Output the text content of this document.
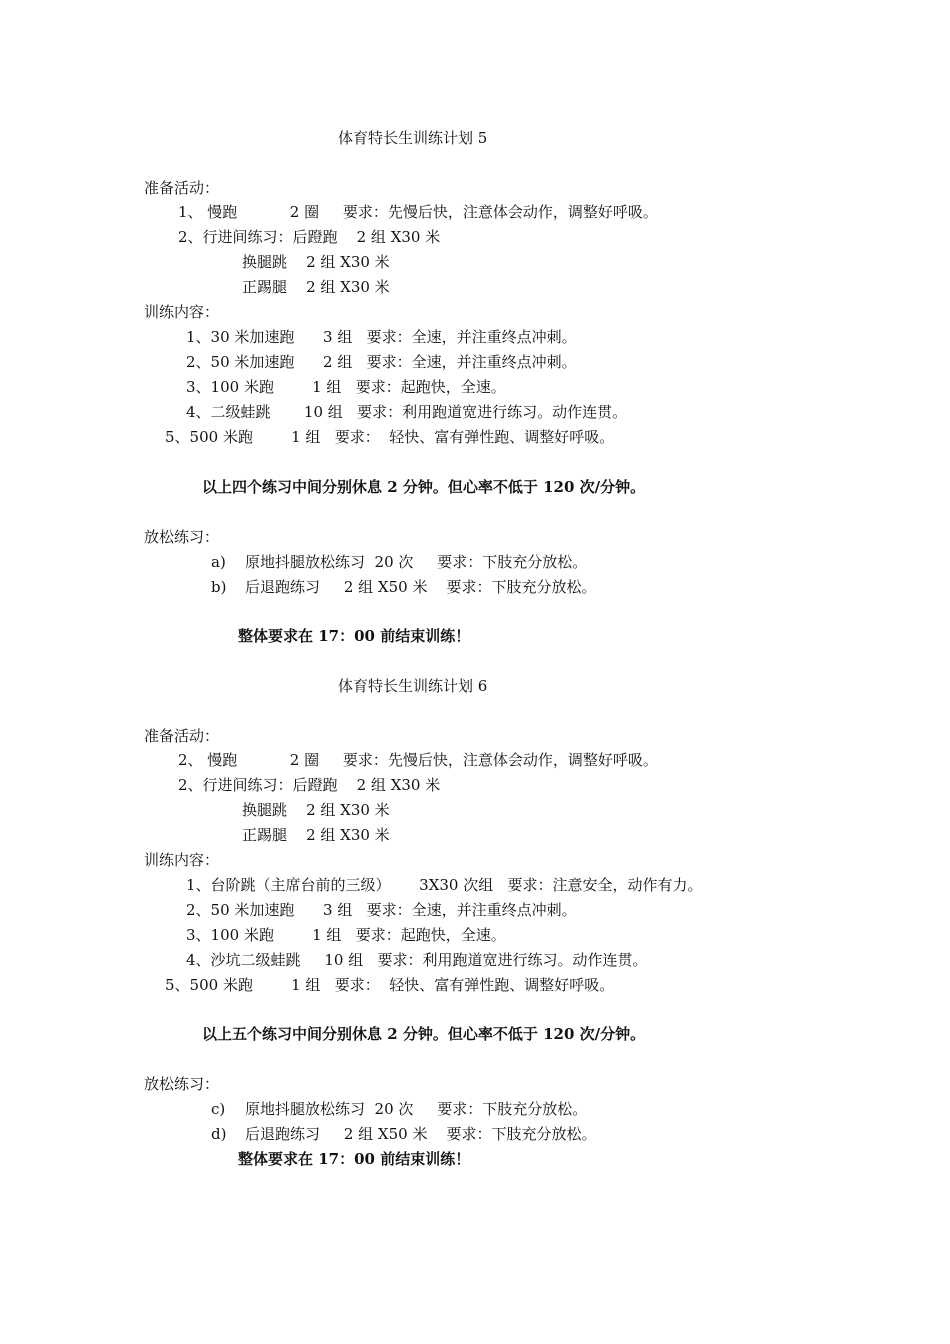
体育特长生训练计划 5
准备活动：
1、 慢跑           2 圈     要求：先慢后快，注意体会动作，调整好呼吸。
2、行进间练习：后蹬跑    2 组 X30 米
换腿跳    2 组 X30 米
正踢腿    2 组 X30 米
训练内容：
1、30 米加速跑      3 组   要求：全速，并注重终点冲刺。
2、50 米加速跑      2 组   要求：全速，并注重终点冲刺。
3、100 米跑        1 组   要求：起跑快，全速。
4、二级蛙跳       10 组   要求：利用跑道宽进行练习。动作连贯。
5、500 米跑        1 组   要求：  轻快、富有弹性跑、调整好呼吸。
以上四个练习中间分别休息 2 分钟。但心率不低于 120 次/分钟。
放松练习：
a) 原地抖腿放松练习  20 次     要求：下肢充分放松。
b) 后退跑练习     2 组 X50 米    要求：下肢充分放松。
整体要求在 17：00 前结束训练！
体育特长生训练计划 6
准备活动：
2、 慢跑           2 圈     要求：先慢后快，注意体会动作，调整好呼吸。
2、行进间练习：后蹬跑    2 组 X30 米
换腿跳    2 组 X30 米
正踢腿    2 组 X30 米
训练内容：
1、台阶跳（主席台前的三级）      3X30 次组   要求：注意安全，动作有力。
2、50 米加速跑      3 组   要求：全速，并注重终点冲刺。
3、100 米跑        1 组   要求：起跑快，全速。
4、沙坑二级蛙跳     10 组   要求：利用跑道宽进行练习。动作连贯。
5、500 米跑        1 组   要求：  轻快、富有弹性跑、调整好呼吸。
以上五个练习中间分别休息 2 分钟。但心率不低于 120 次/分钟。
放松练习：
c) 原地抖腿放松练习  20 次     要求：下肢充分放松。
d) 后退跑练习     2 组 X50 米    要求：下肢充分放松。
整体要求在 17：00 前结束训练！
